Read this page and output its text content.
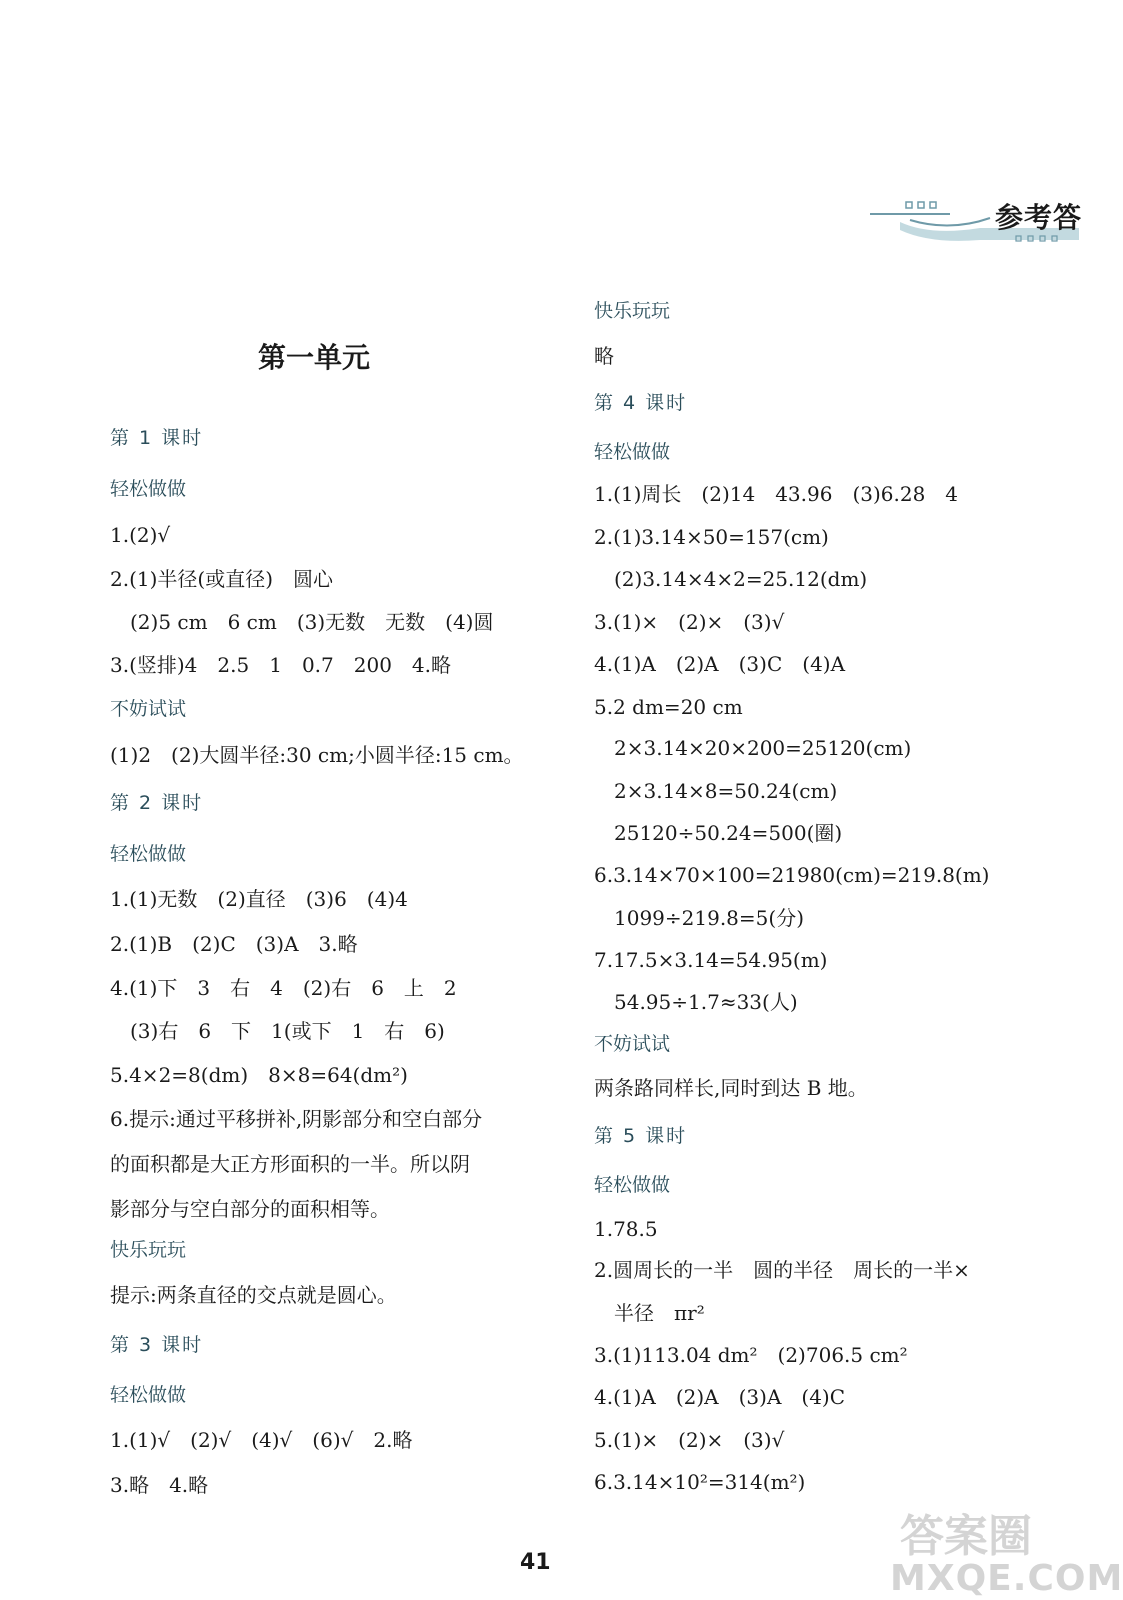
参考答
第一单元
第 1 课时
轻松做做
1.(2)√
2.(1)半径(或直径)　圆心
　(2)5 cm　6 cm　(3)无数　无数　(4)圆
3.(竖排)4　2.5　1　0.7　200　4.略
不妨试试
(1)2　(2)大圆半径:30 cm;小圆半径:15 cm。
第 2 课时
轻松做做
1.(1)无数　(2)直径　(3)6　(4)4
2.(1)B　(2)C　(3)A　3.略
4.(1)下　3　右　4　(2)右　6　上　2
　(3)右　6　下　1(或下　1　右　6)
5.4×2=8(dm)　8×8=64(dm²)
6.提示:通过平移拼补,阴影部分和空白部分
的面积都是大正方形面积的一半。所以阴
影部分与空白部分的面积相等。
快乐玩玩
提示:两条直径的交点就是圆心。
第 3 课时
轻松做做
1.(1)√　(2)√　(4)√　(6)√　2.略
3.略　4.略
快乐玩玩
略
第 4 课时
轻松做做
1.(1)周长　(2)14　43.96　(3)6.28　4
2.(1)3.14×50=157(cm)
　(2)3.14×4×2=25.12(dm)
3.(1)×　(2)×　(3)√
4.(1)A　(2)A　(3)C　(4)A
5.2 dm=20 cm
　2×3.14×20×200=25120(cm)
　2×3.14×8=50.24(cm)
　25120÷50.24=500(圈)
6.3.14×70×100=21980(cm)=219.8(m)
　1099÷219.8=5(分)
7.17.5×3.14=54.95(m)
　54.95÷1.7≈33(人)
不妨试试
两条路同样长,同时到达 B 地。
第 5 课时
轻松做做
1.78.5
2.圆周长的一半　圆的半径　周长的一半×
　半径　πr²
3.(1)113.04 dm²　(2)706.5 cm²
4.(1)A　(2)A　(3)A　(4)C
5.(1)×　(2)×　(3)√
6.3.14×10²=314(m²)
41
答案圈
MXQE.COM
